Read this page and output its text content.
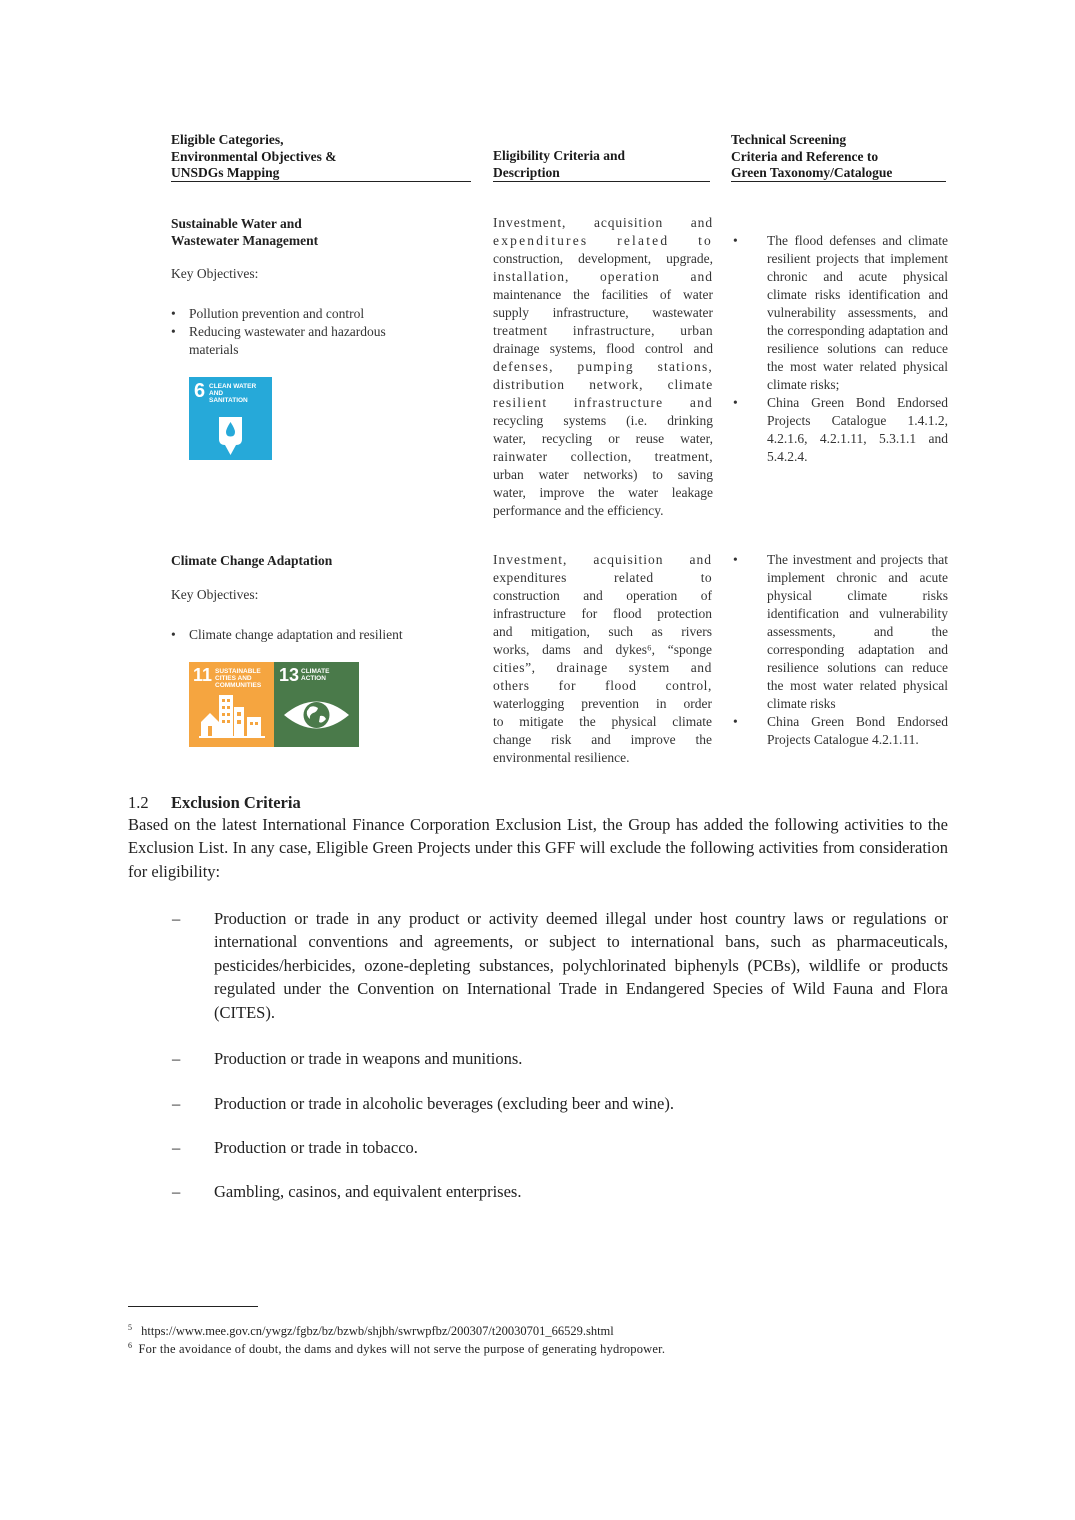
Eligible Categories,
Environmental Objectives &
UNSDGs Mapping
Eligibility Criteria and
Description
Technical Screening
Criteria and Reference to
Green Taxonomy/Catalogue
Sustainable Water and
Wastewater Management
Key Objectives:
• Pollution prevention and control
• Reducing wastewater and hazardous materials
6 CLEAN WATER AND SANITATION
Investment, acquisition and
expenditures related to
construction, development, upgrade,
installation, operation and
maintenance the facilities of water
supply infrastructure, wastewater
treatment infrastructure, urban
drainage systems, flood control and
defenses, pumping stations,
distribution network, climate
resilient infrastructure and
recycling systems (i.e. drinking
water, recycling or reuse water,
rainwater collection, treatment,
urban water networks) to saving
water, improve the water leakage
performance and the efficiency.
• The flood defenses and climate resilient projects that implement chronic and acute physical climate risks identification and vulnerability assessments, and the corresponding adaptation and resilience solutions can reduce the most water related physical climate risks;
• China Green Bond Endorsed Projects Catalogue 1.4.1.2, 4.2.1.6, 4.2.1.11, 5.3.1.1 and 5.4.2.4.
Climate Change Adaptation
Key Objectives:
• Climate change adaptation and resilient
11 SUSTAINABLE CITIES AND COMMUNITIES
13 CLIMATE ACTION
Investment, acquisition and
expenditures related to
construction and operation of
infrastructure for flood protection
and mitigation, such as rivers
works, dams and dykes⁶, “sponge
cities”, drainage system and
others for flood control,
waterlogging prevention in order
to mitigate the physical climate
change risk and improve the
environmental resilience.
• The investment and projects that implement chronic and acute physical climate risks identification and vulnerability assessments, and the corresponding adaptation and resilience solutions can reduce the most water related physical climate risks
• China Green Bond Endorsed Projects Catalogue 4.2.1.11.
1.2 Exclusion Criteria
Based on the latest International Finance Corporation Exclusion List, the Group has added the following activities to the Exclusion List. In any case, Eligible Green Projects under this GFF will exclude the following activities from consideration for eligibility:
– Production or trade in any product or activity deemed illegal under host country laws or regulations or international conventions and agreements, or subject to international bans, such as pharmaceuticals, pesticides/herbicides, ozone-depleting substances, polychlorinated biphenyls (PCBs), wildlife or products regulated under the Convention on International Trade in Endangered Species of Wild Fauna and Flora (CITES).
– Production or trade in weapons and munitions.
– Production or trade in alcoholic beverages (excluding beer and wine).
– Production or trade in tobacco.
– Gambling, casinos, and equivalent enterprises.
$^5$ https://www.mee.gov.cn/ywgz/fgbz/bz/bzwb/shjbh/swrwpfbz/200307/t20030701_66529.shtml
$^6$ For the avoidance of doubt, the dams and dykes will not serve the purpose of generating hydropower.
